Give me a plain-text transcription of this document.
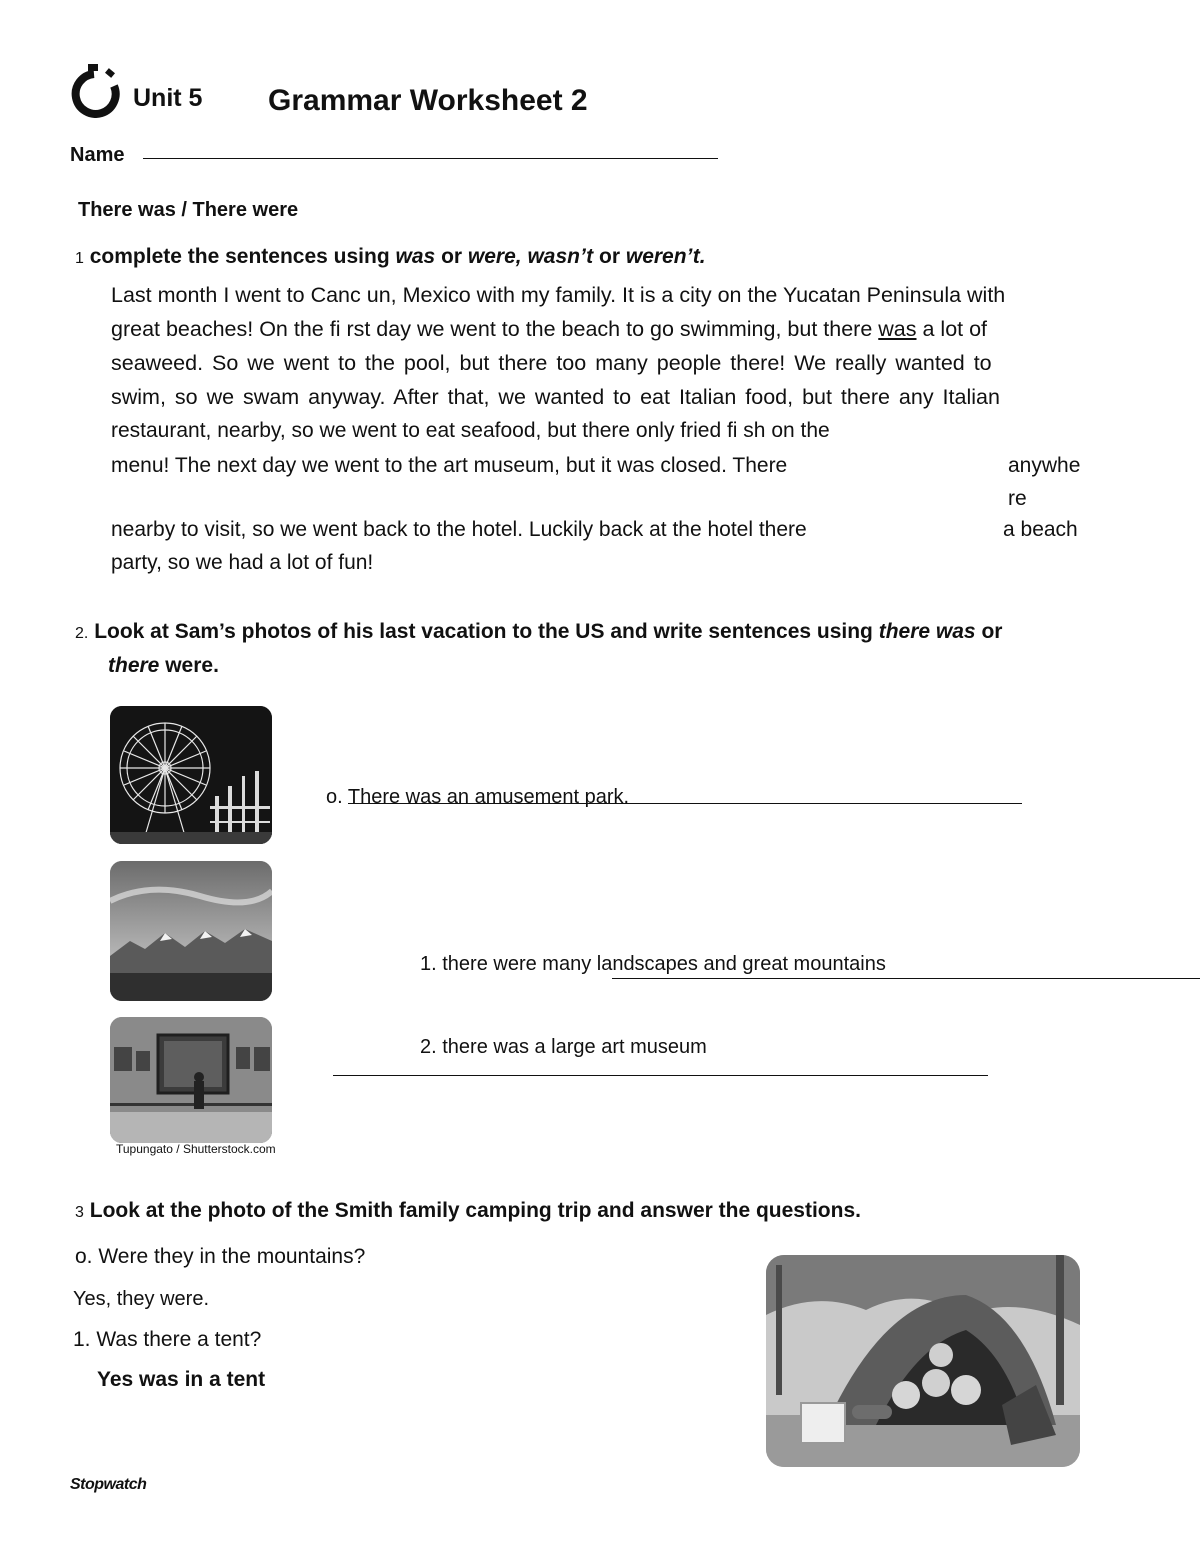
Unit 5 Grammar Worksheet 2
Name
There was / There were
1 complete the sentences using was or were, wasn’t or weren’t.
Last month I went to Canc un, Mexico with my family. It is a city on the Yucatan Peninsula with
great beaches! On the fi rst day we went to the beach to go swimming, but there was a lot of
seaweed. So we went to the pool, but there too many people there! We really wanted to
swim, so we swam anyway. After that, we wanted to eat Italian food, but there any Italian
restaurant, nearby, so we went to eat seafood, but there only fried fi sh on the
menu! The next day we went to the art museum, but it was closed. There	anywhe
re
nearby to visit, so we went back to the hotel. Luckily back at the hotel there	a beach
party, so we had a lot of fun!
2. Look at Sam’s photos of his last vacation to the US and write sentences using there was or
there were.
o. There was an amusement park.
1. there were many landscapes and great mountains
2. there was a large art museum
Tupungato / Shutterstock.com
3 Look at the photo of the Smith family camping trip and answer the questions.
o. Were they in the mountains?
Yes, they were.
1. Was there a tent?
Yes was in a tent
Stopwatch
